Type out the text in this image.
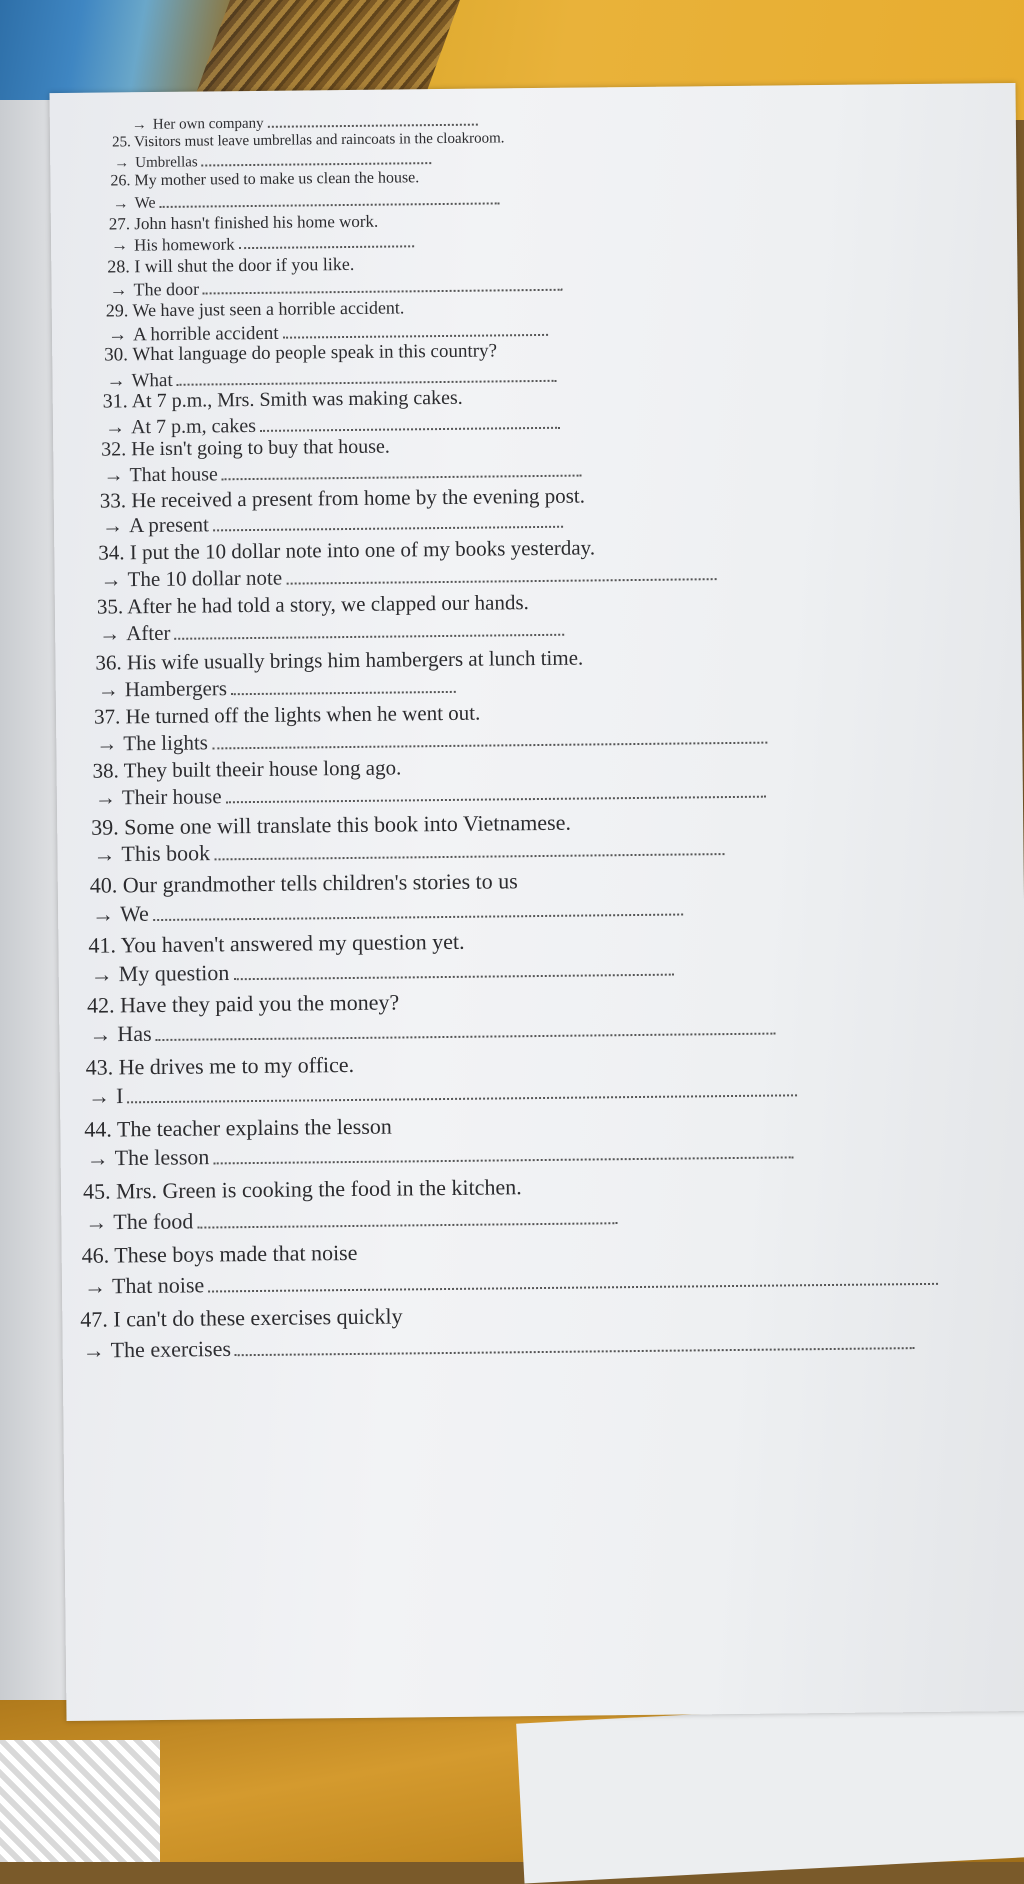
→ Her own company
25. Visitors must leave umbrellas and raincoats in the cloakroom.
→ Umbrellas
26. My mother used to make us clean the house.
→ We
27. John hasn't finished his home work.
→ His homework
28. I will shut the door if you like.
→ The door
29. We have just seen a horrible accident.
→ A horrible accident
30. What language do people speak in this country?
→ What
31. At 7 p.m., Mrs. Smith was making cakes.
→ At 7 p.m, cakes
32. He isn't going to buy that house.
→ That house
33. He received a present from home by the evening post.
→ A present
34. I put the 10 dollar note into one of my books yesterday.
→ The 10 dollar note
35. After he had told a story, we clapped our hands.
→ After
36. His wife usually brings him hambergers at lunch time.
→ Hambergers
37. He turned off the lights when he went out.
→ The lights
38. They built theeir house long ago.
→ Their house
39. Some one will translate this book into Vietnamese.
→ This book
40. Our grandmother tells children's stories to us
→ We
41. You haven't answered my question yet.
→ My question
42. Have they paid you the money?
→ Has
43. He drives me to my office.
→ I
44. The teacher explains the lesson
→ The lesson
45. Mrs. Green is cooking the food in the kitchen.
→ The food
46. These boys made that noise
→ That noise
47. I can't do these exercises quickly
→ The exercises
